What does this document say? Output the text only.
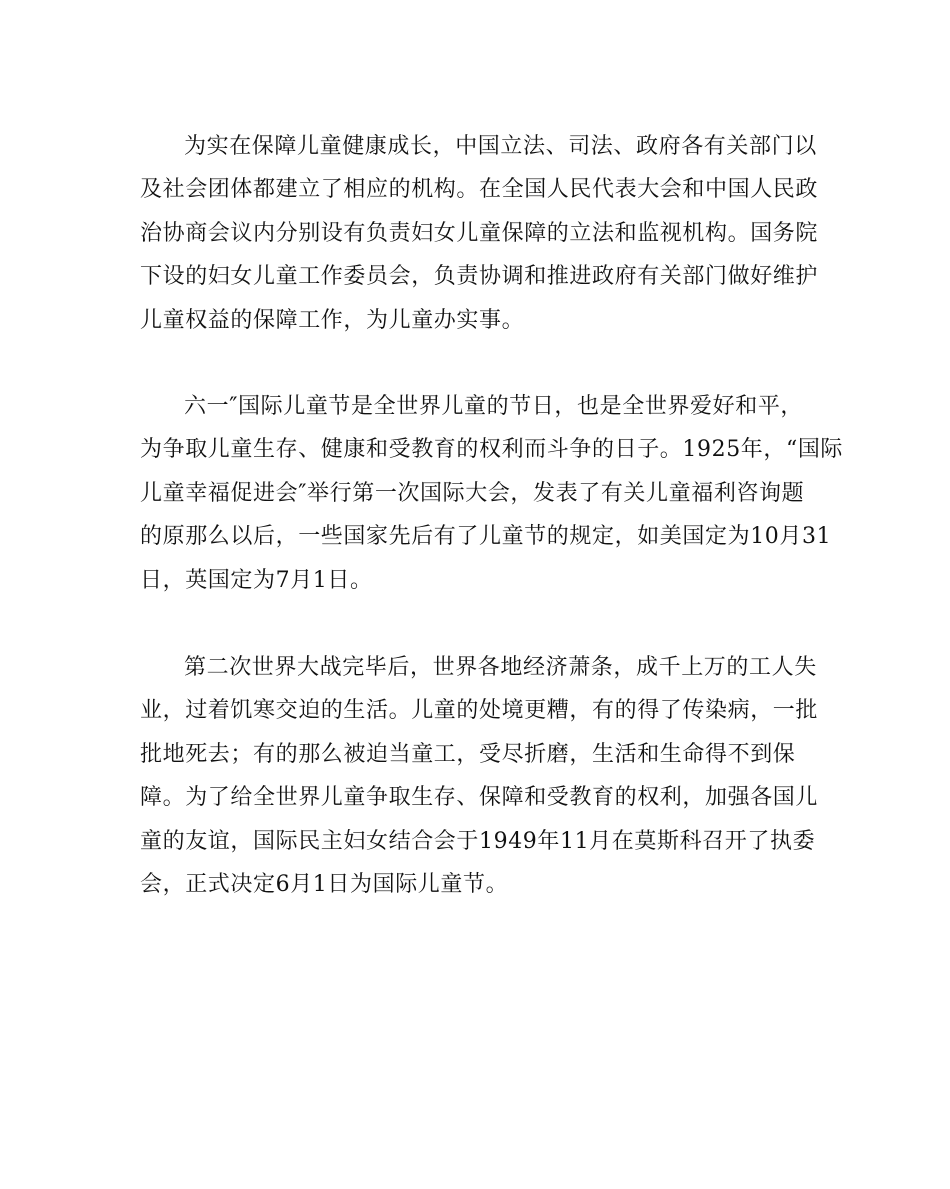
为实在保障儿童健康成长，中国立法、司法、政府各有关部门以
及社会团体都建立了相应的机构。在全国人民代表大会和中国人民政
治协商会议内分别设有负责妇女儿童保障的立法和监视机构。国务院
下设的妇女儿童工作委员会，负责协调和推进政府有关部门做好维护
儿童权益的保障工作，为儿童办实事。
六一″国际儿童节是全世界儿童的节日，也是全世界爱好和平，
为争取儿童生存、健康和受教育的权利而斗争的日子。1925年，“国际
儿童幸福促进会″举行第一次国际大会，发表了有关儿童福利咨询题
的原那么以后，一些国家先后有了儿童节的规定，如美国定为10月31
日，英国定为7月1日。
第二次世界大战完毕后，世界各地经济萧条，成千上万的工人失
业，过着饥寒交迫的生活。儿童的处境更糟，有的得了传染病，一批
批地死去；有的那么被迫当童工，受尽折磨，生活和生命得不到保
障。为了给全世界儿童争取生存、保障和受教育的权利，加强各国儿
童的友谊，国际民主妇女结合会于1949年11月在莫斯科召开了执委
会，正式决定6月1日为国际儿童节。
